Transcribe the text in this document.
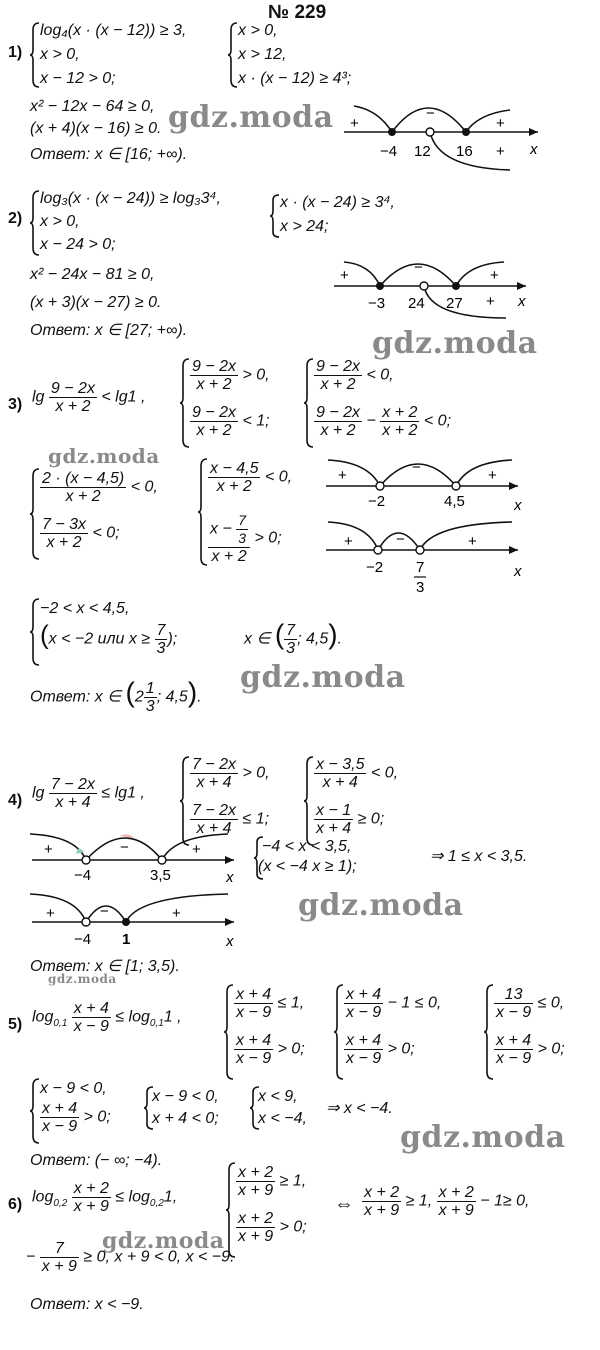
№ 229
gdz.moda
gdz.moda
gdz.moda
gdz.moda
gdz.moda
gdz.moda
gdz.moda
gdz.moda
1)
log₄(x · (x − 12)) ≥ 3,
x > 0,
x − 12 > 0;
x > 0,
x > 12,
x · (x − 12) ≥ 4³;
x² − 12x − 64 ≥ 0,
(x + 4)(x − 16) ≥ 0.
Ответ: x ∈ [16; +∞).
+
−
+
+
−4 12 16	x
2)
log₃(x · (x − 24)) ≥ log₃3⁴,
x > 0,
x − 24 > 0;
x · (x − 24) ≥ 3⁴,
x > 24;
x² − 24x − 81 ≥ 0,
(x + 3)(x − 27) ≥ 0.
Ответ: x ∈ [27; +∞).
+	−	+
+
−3 24 27	x
3) $\lg \frac{9 - 2x}{x + 2} < \lg 1$ ,
$\frac{9 - 2x}{x + 2} > 0$,
$\frac{9 - 2x}{x + 2} < 1$;
$\frac{9 - 2x}{x + 2} < 0$,
$\frac{9 - 2x}{x + 2} - \frac{x + 2}{x + 2} < 0$;
$\frac{2 \cdot (x - 4,5)}{x + 2} < 0$,
$\frac{7 - 3x}{x + 2} < 0$;
$\frac{x - 4,5}{x + 2} < 0$,
$\frac{x - \frac{7}{3}}{x + 2} > 0$;
+	−	+
−2	4,5	x
+	−	+
−2 7
3
x
−2 < x < 4,5,
(x < −2 или $x \ge \frac{7}{3}$ );	x ∈ ( $\frac{7}{3}$ ; 4,5).
Ответ: x ∈ ($2 \frac{1}{3}$ ; 4,5).
4) $\lg \frac{7 - 2x}{x + 4} \le \lg 1$ ,
$\frac{7 - 2x}{x + 4} > 0$,
$\frac{7 - 2x}{x + 4} \le 1$;
$\frac{x - 3,5}{x + 4} < 0$,
$\frac{x - 1}{x + 4} \ge 0$;
+	−	+
−4	3,5	x
−4 < x < 3,5,
(x < −4 x ≥ 1);
⇒ 1 ≤ x < 3,5.
+	−	+
−4 1	x
Ответ: x ∈ [1; 3,5).
5) $\log_{0,1} \frac{x + 4}{x - 9} \le \log_{0,1}1$ ,	$\frac{x + 4}{x - 9} \le 1$,
$\frac{x + 4}{x - 9} > 0$;
$\frac{x + 4}{x - 9} - 1 \le 0$,
$\frac{x + 4}{x - 9} > 0$;
$\frac{13}{x - 9} \le 0$,
$\frac{x + 4}{x - 9} > 0$;
x − 9 < 0,
$\frac{x + 4}{x - 9} > 0$;
x − 9 < 0,
x + 4 < 0;
x < 9,
x < −4,
⇒ x < −4.
Ответ: (− ∞; −4).
6) $\log_{0,2} \frac{x + 2}{x + 9} \le \log_{0,2}1$,	$\frac{x + 2}{x + 9} \ge 1$,
$\frac{x + 2}{x + 9} > 0$;
⇔ $\frac{x + 2}{x + 9} \ge 1$, $\frac{x + 2}{x + 9} - 1\ge 0$,
− $\frac{7}{x + 9} \ge 0$, x + 9 < 0, x < −9.
Ответ: x < −9.
